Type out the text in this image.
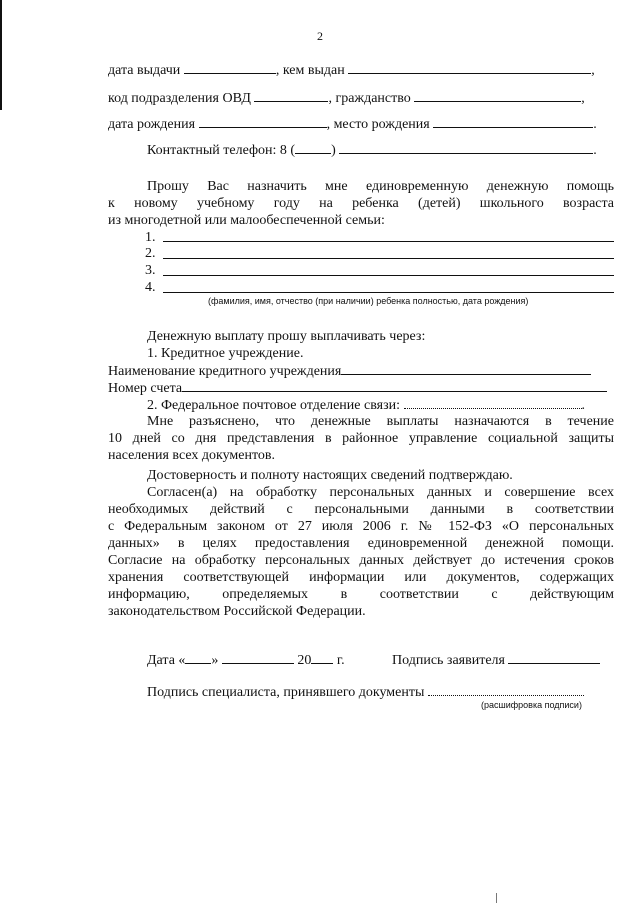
2
дата выдачи	, кем выдан	,
код подразделения ОВД	, гражданство	,
дата рождения	, место рождения	.
Контактный телефон: 8 (	)	.
Прошу Вас назначить мне единовременную денежную помощь
к новому учебному году на ребенка (детей) школьного возраста
из многодетной или малообеспеченной семьи:
1.
2.
3.
4.
(фамилия, имя, отчество (при наличии) ребенка полностью, дата рождения)
Денежную выплату прошу выплачивать через:
1. Кредитное учреждение.
Наименование кредитного учреждения
Номер счета
2. Федеральное почтовое отделение связи:	.
Мне разъяснено, что денежные выплаты назначаются в течение
10 дней со дня представления в районное управление социальной защиты
населения всех документов.
Достоверность и полноту настоящих сведений подтверждаю.
Согласен(а) на обработку персональных данных и совершение всех
необходимых действий с персональными данными в соответствии
с Федеральным законом от 27 июля 2006 г. № 152-ФЗ «О персональных
данных» в целях предоставления единовременной денежной помощи.
Согласие на обработку персональных данных действует до истечения сроков
хранения соответствующей информации или документов, содержащих
информацию, определяемых в соответствии с действующим
законодательством Российской Федерации.
Дата « »	20 г.	Подпись заявителя
Подпись специалиста, принявшего документы
(расшифровка подписи)
